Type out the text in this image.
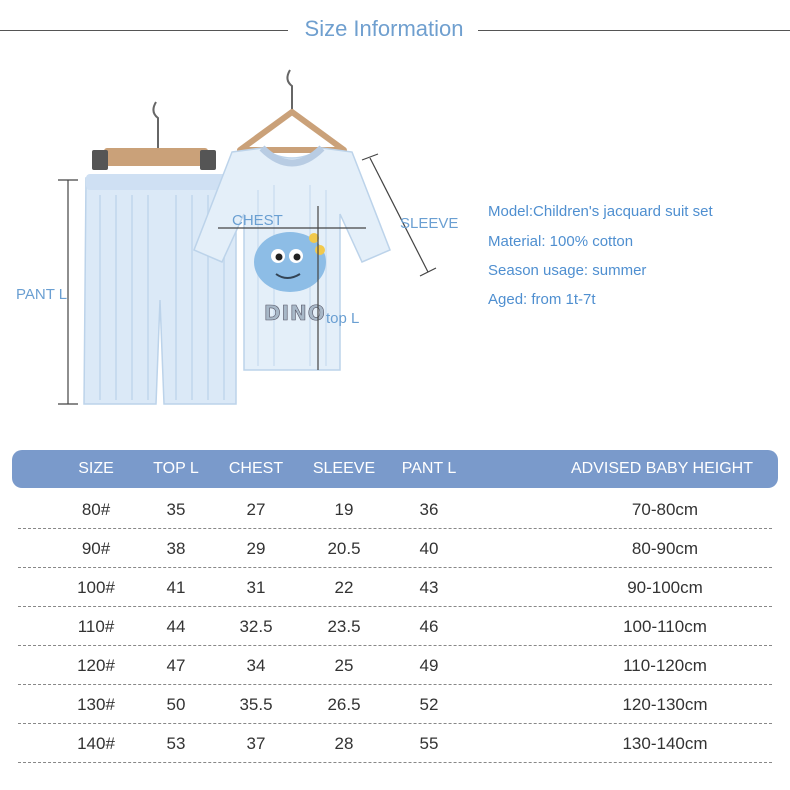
Size Information
DINO
CHEST	SLEEVE
PANT L
top L
Model:Children's jacquard suit set
Material: 100% cotton
Season usage: summer
Aged: from 1t-7t
SIZE	TOP L	CHEST	SLEEVE	PANT L	ADVISED BABY HEIGHT
80#	35	27	19	36	70-80cm
90#	38	29	20.5	40	80-90cm
100#	41	31	22	43	90-100cm
110#	44	32.5	23.5	46	100-110cm
120#	47	34	25	49	110-120cm
130#	50	35.5	26.5	52	120-130cm
140#	53	37	28	55	130-140cm
